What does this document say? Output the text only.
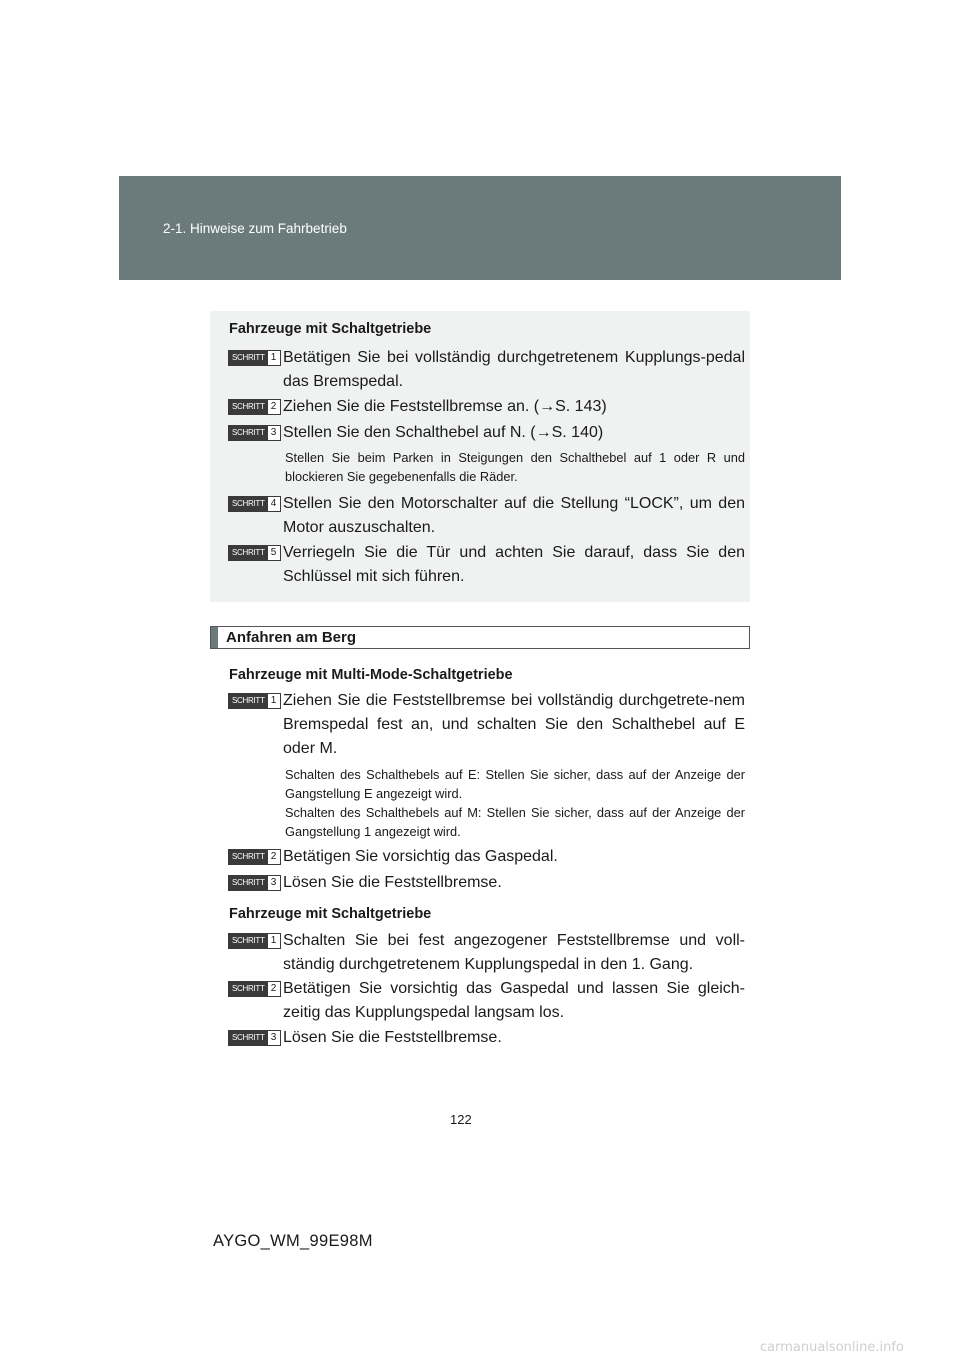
2-1. Hinweise zum Fahrbetrieb
Fahrzeuge mit Schaltgetriebe
SCHRITT 1 Betätigen Sie bei vollständig durchgetretenem Kupplungs-pedal das Bremspedal.
SCHRITT 2 Ziehen Sie die Feststellbremse an. (→S. 143)
SCHRITT 3 Stellen Sie den Schalthebel auf N. (→S. 140)
Stellen Sie beim Parken in Steigungen den Schalthebel auf 1 oder R und blockieren Sie gegebenenfalls die Räder.
SCHRITT 4 Stellen Sie den Motorschalter auf die Stellung “LOCK”, um den Motor auszuschalten.
SCHRITT 5 Verriegeln Sie die Tür und achten Sie darauf, dass Sie den Schlüssel mit sich führen.
Anfahren am Berg
Fahrzeuge mit Multi-Mode-Schaltgetriebe
SCHRITT 1 Ziehen Sie die Feststellbremse bei vollständig durchgetrete-nem Bremspedal fest an, und schalten Sie den Schalthebel auf E oder M.
Schalten des Schalthebels auf E: Stellen Sie sicher, dass auf der Anzeige der Gangstellung E angezeigt wird.
Schalten des Schalthebels auf M: Stellen Sie sicher, dass auf der Anzeige der Gangstellung 1 angezeigt wird.
SCHRITT 2 Betätigen Sie vorsichtig das Gaspedal.
SCHRITT 3 Lösen Sie die Feststellbremse.
Fahrzeuge mit Schaltgetriebe
SCHRITT 1 Schalten Sie bei fest angezogener Feststellbremse und voll-ständig durchgetretenem Kupplungspedal in den 1. Gang.
SCHRITT 2 Betätigen Sie vorsichtig das Gaspedal und lassen Sie gleich-zeitig das Kupplungspedal langsam los.
SCHRITT 3 Lösen Sie die Feststellbremse.
122
AYGO_WM_99E98M
carmanualsonline.info
